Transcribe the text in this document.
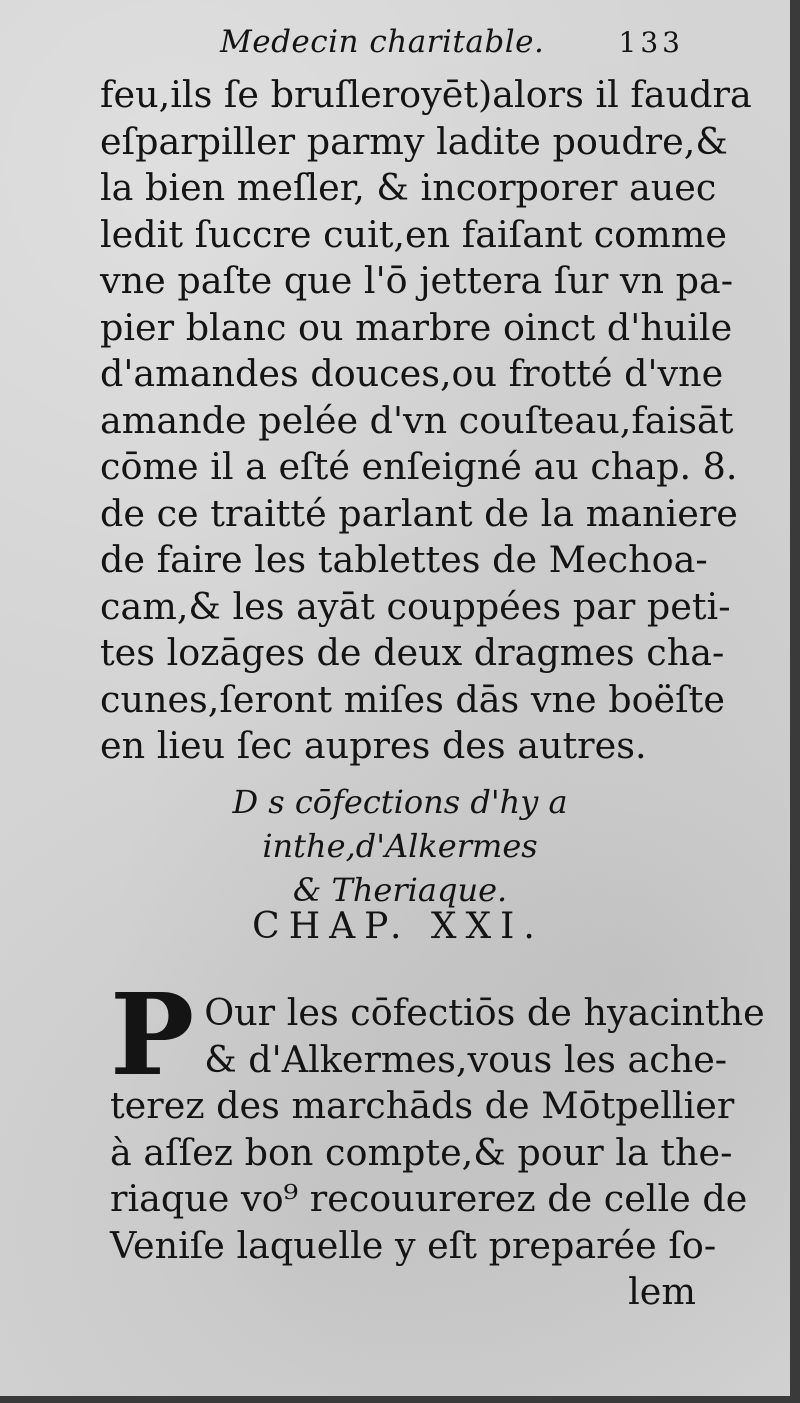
Medecin charitable.	133
feu,ils ſe bruſleroyēt)alors il faudra
eſparpiller parmy ladite poudre,&
la bien meſler, & incorporer auec
ledit ſuccre cuit,en faiſant comme
vne paſte que l'ō jettera ſur vn pa-
pier blanc ou marbre oinct d'huile
d'amandes douces,ou frotté d'vne
amande pelée d'vn couſteau,faisāt
cōme il a eſté enſeigné au chap. 8.
de ce traitté parlant de la maniere
de faire les tablettes de Mechoa-
cam,& les ayāt couppées par peti-
tes lozāges de deux dragmes cha-
cunes,ſeront miſes dās vne boëſte
en lieu ſec aupres des autres.
D s cōfections d'hy a inthe,d'Alkermes
& Theriaque.
CHAP. XXI.
P Our les cōfectiōs de hyacinthe
& d'Alkermes,vous les ache-
terez des marchāds de Mōtpellier
à aſſez bon compte,& pour la the-
riaque vo⁹ recouurerez de celle de
Veniſe laquelle y eſt preparée ſo-
lem
